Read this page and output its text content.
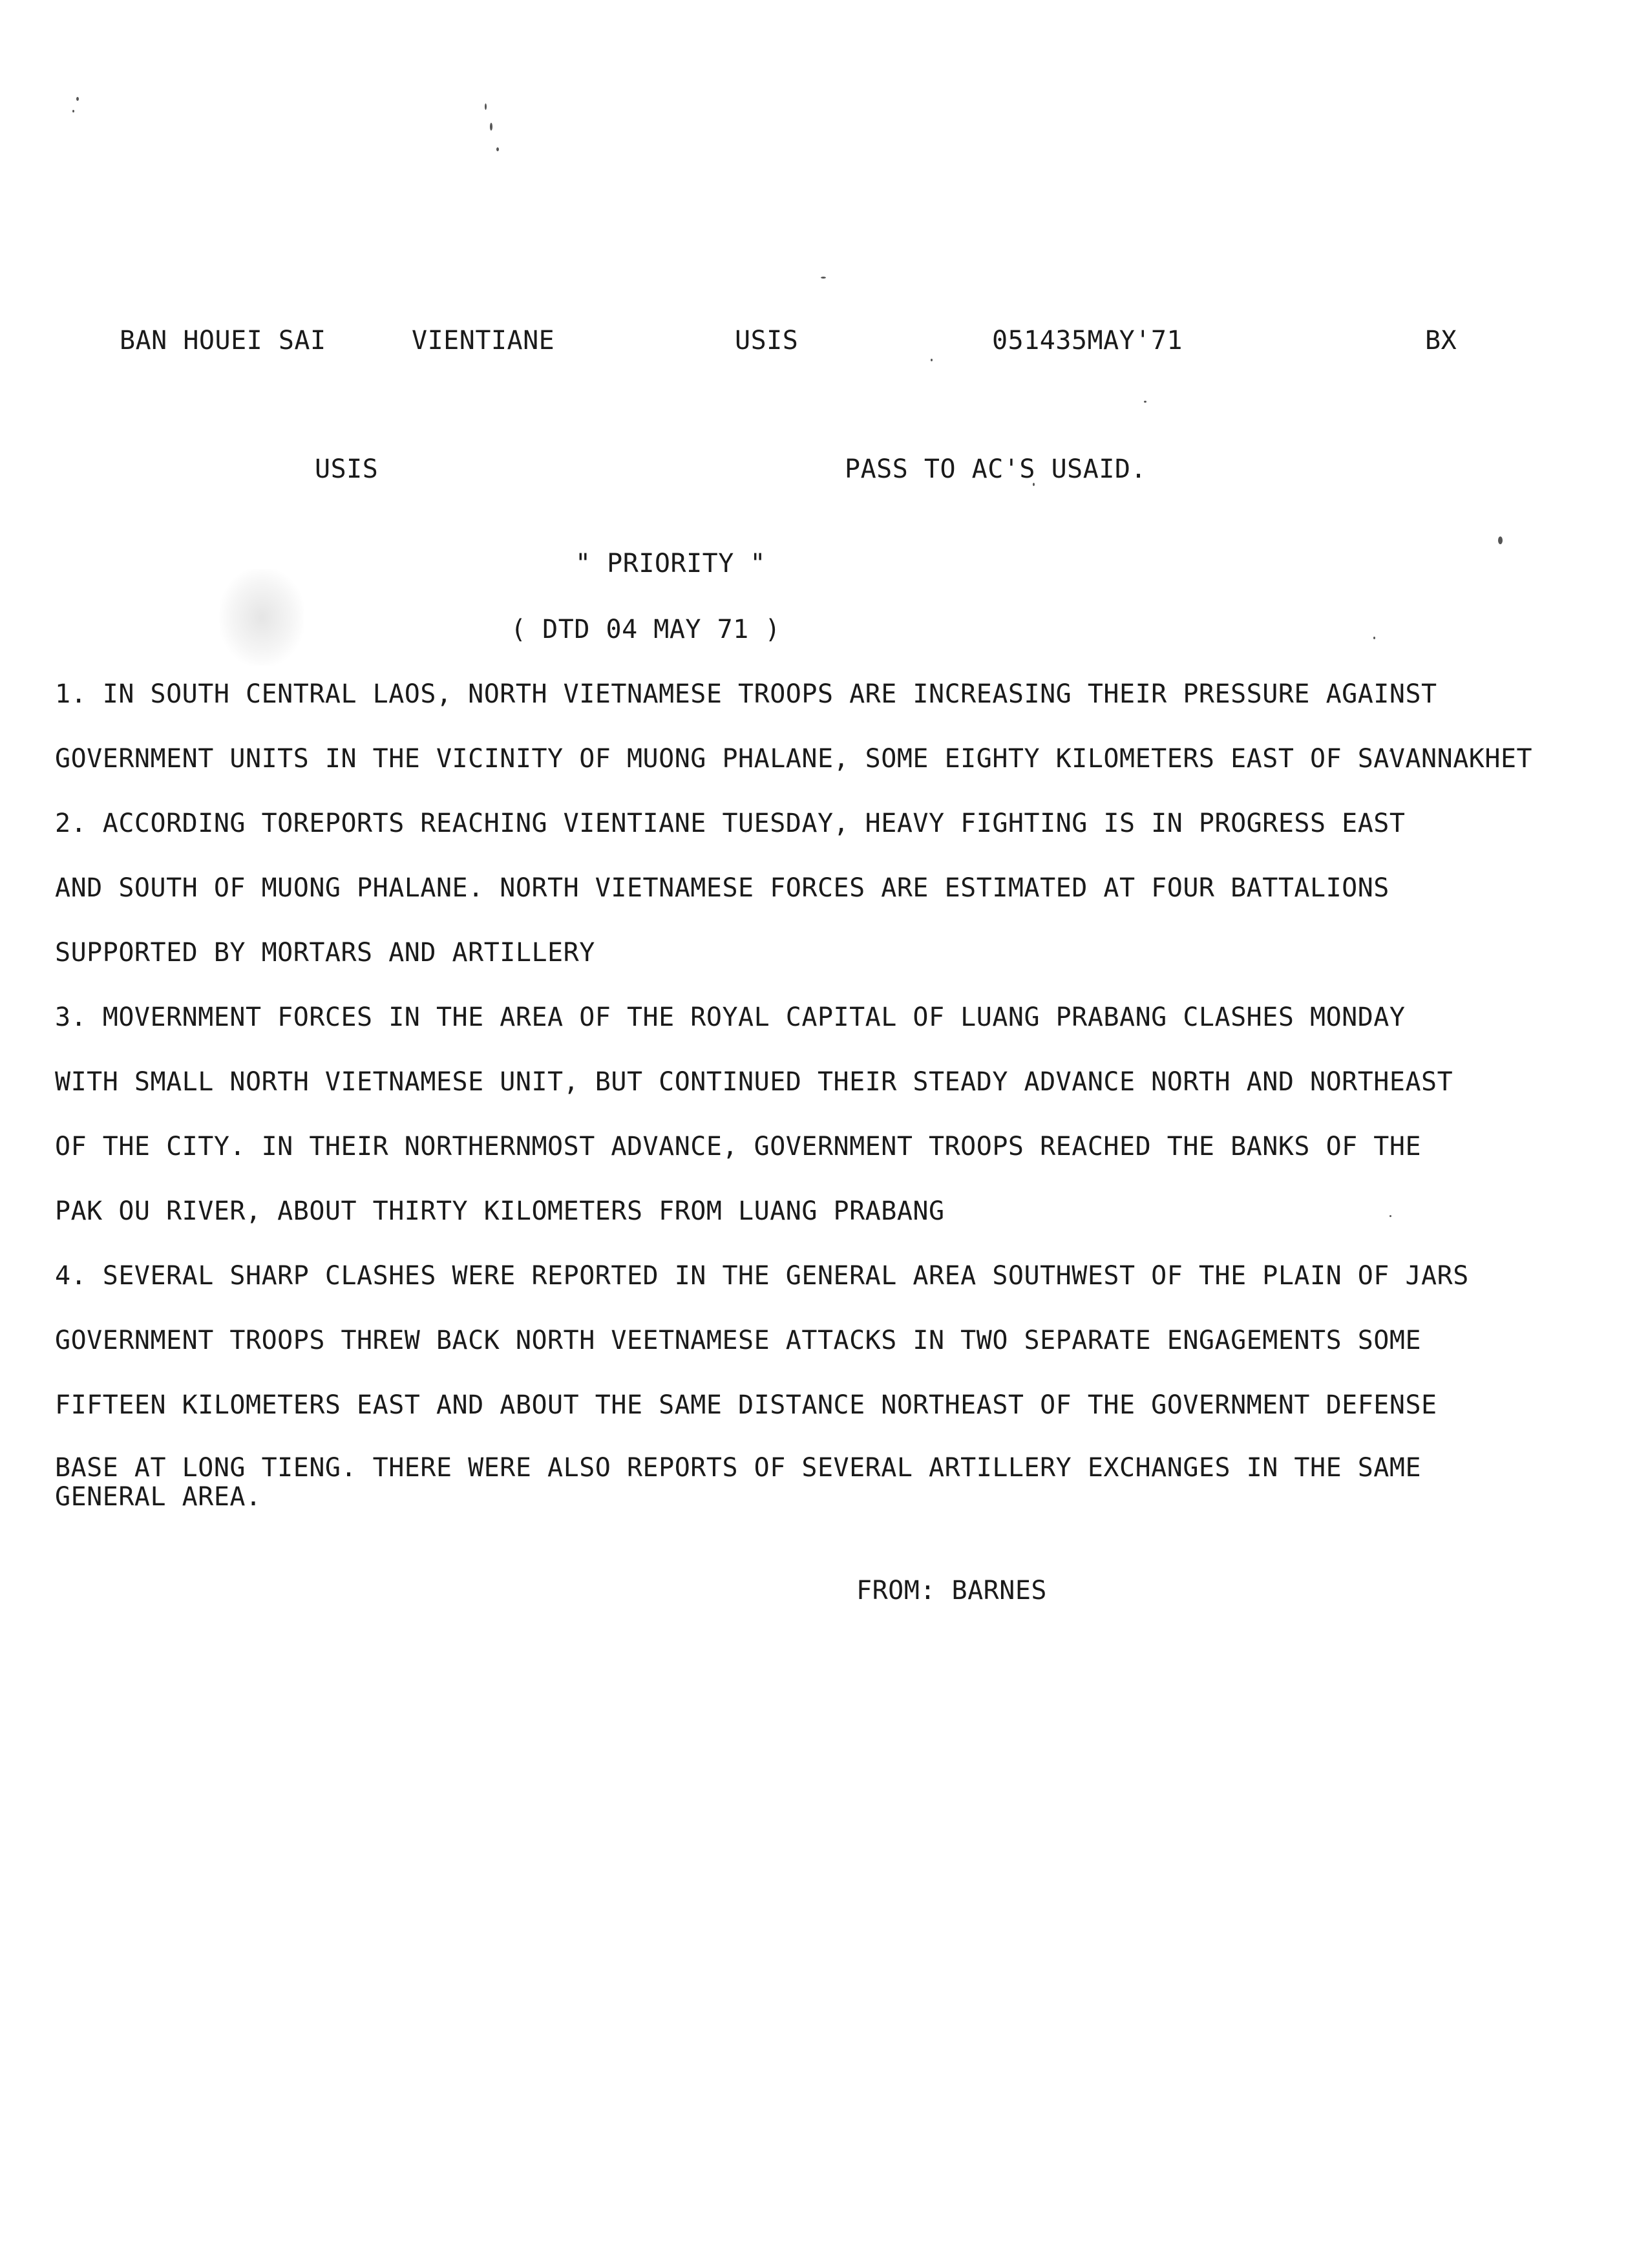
BAN HOUEI SAI	VIENTIANE	USIS	051435MAY'71	BX
USIS	PASS TO AC'S USAID.
" PRIORITY "
( DTD 04 MAY 71 )
1. IN SOUTH CENTRAL LAOS, NORTH VIETNAMESE TROOPS ARE INCREASING THEIR PRESSURE AGAINST
GOVERNMENT UNITS IN THE VICINITY OF MUONG PHALANE, SOME EIGHTY KILOMETERS EAST OF SAVANNAKHET
2. ACCORDING TOREPORTS REACHING VIENTIANE TUESDAY, HEAVY FIGHTING IS IN PROGRESS EAST
AND SOUTH OF MUONG PHALANE. NORTH VIETNAMESE FORCES ARE ESTIMATED AT FOUR BATTALIONS
SUPPORTED BY MORTARS AND ARTILLERY
3. MOVERNMENT FORCES IN THE AREA OF THE ROYAL CAPITAL OF LUANG PRABANG CLASHES MONDAY
WITH SMALL NORTH VIETNAMESE UNIT, BUT CONTINUED THEIR STEADY ADVANCE NORTH AND NORTHEAST
OF THE CITY. IN THEIR NORTHERNMOST ADVANCE, GOVERNMENT TROOPS REACHED THE BANKS OF THE
PAK OU RIVER, ABOUT THIRTY KILOMETERS FROM LUANG PRABANG
4. SEVERAL SHARP CLASHES WERE REPORTED IN THE GENERAL AREA SOUTHWEST OF THE PLAIN OF JARS
GOVERNMENT TROOPS THREW BACK NORTH VEETNAMESE ATTACKS IN TWO SEPARATE ENGAGEMENTS SOME
FIFTEEN KILOMETERS EAST AND ABOUT THE SAME DISTANCE NORTHEAST OF THE GOVERNMENT DEFENSE
BASE AT LONG TIENG. THERE WERE ALSO REPORTS OF SEVERAL ARTILLERY EXCHANGES IN THE SAME
GENERAL AREA.
FROM: BARNES
